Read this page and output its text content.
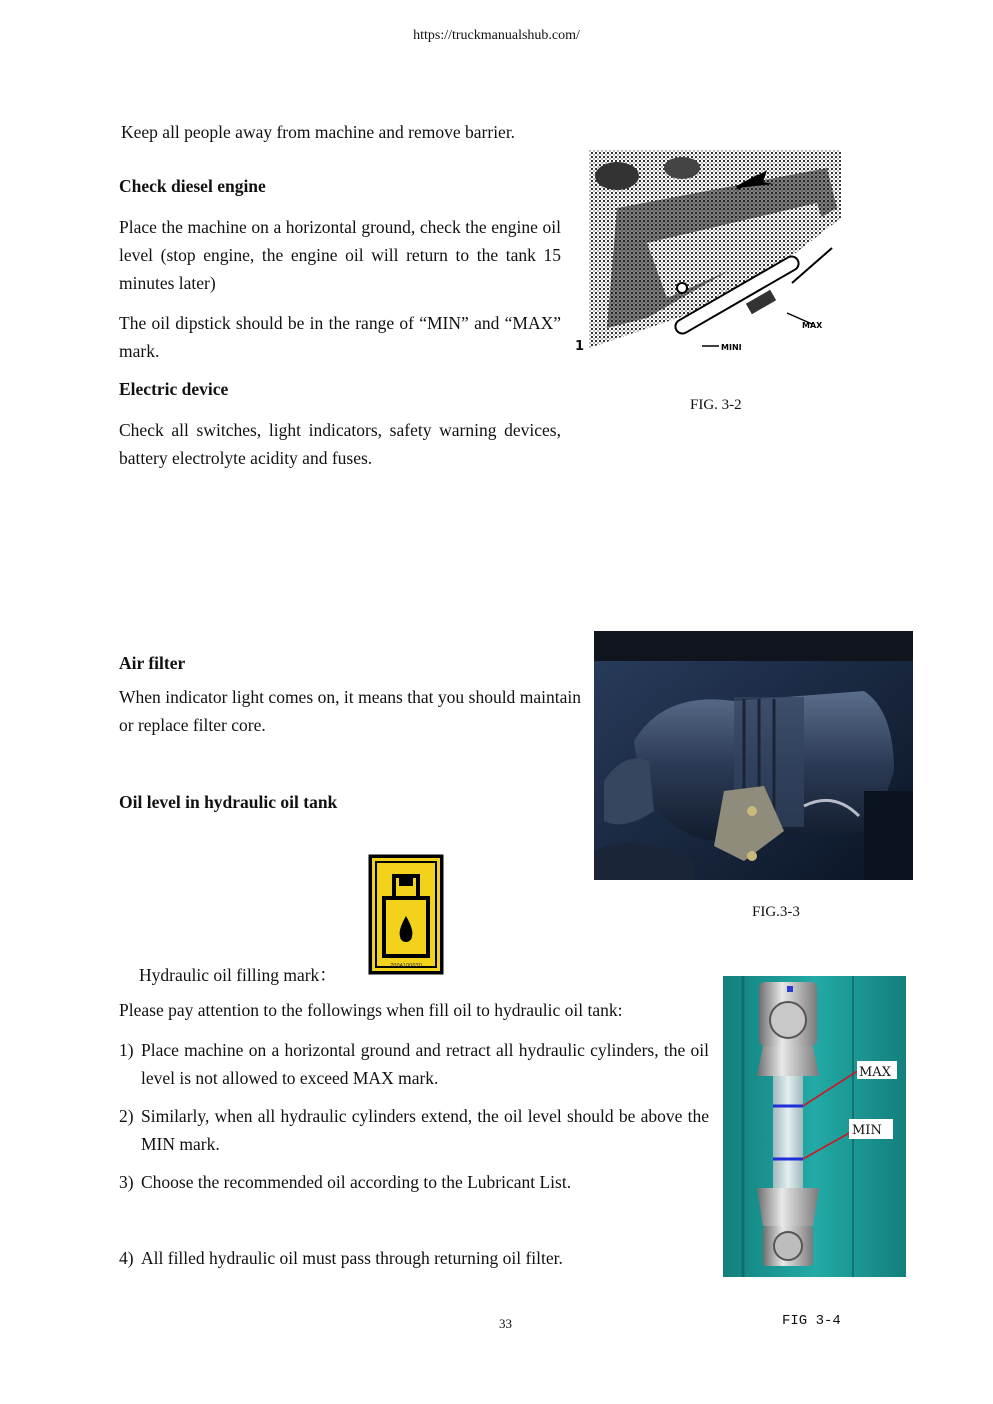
https://truckmanualshub.com/
Keep all people away from machine and remove barrier.
Check diesel engine
Place the machine on a horizontal ground, check the engine oil level (stop engine, the engine oil will return to the tank 15 minutes later)
The oil dipstick should be in the range of “MIN” and “MAX” mark.
Electric device
Check all switches, light indicators, safety warning devices, battery electrolyte acidity and fuses.
MAX
MINI
1
FIG. 3-2
Air filter
When indicator light comes on, it means that you should maintain or replace filter core.
FIG.3-3
Oil level in hydraulic oil tank
7004100030
Hydraulic oil filling mark：
Please pay attention to the followings when fill oil to hydraulic oil tank:
1) Place machine on a horizontal ground and retract all hydraulic cylinders, the oil level is not allowed to exceed MAX mark.
2) Similarly, when all hydraulic cylinders extend, the oil level should be above the MIN mark.
3) Choose the recommended oil according to the Lubricant List.
4) All filled hydraulic oil must pass through returning oil filter.
MAX
MIN
FIG 3-4
33
